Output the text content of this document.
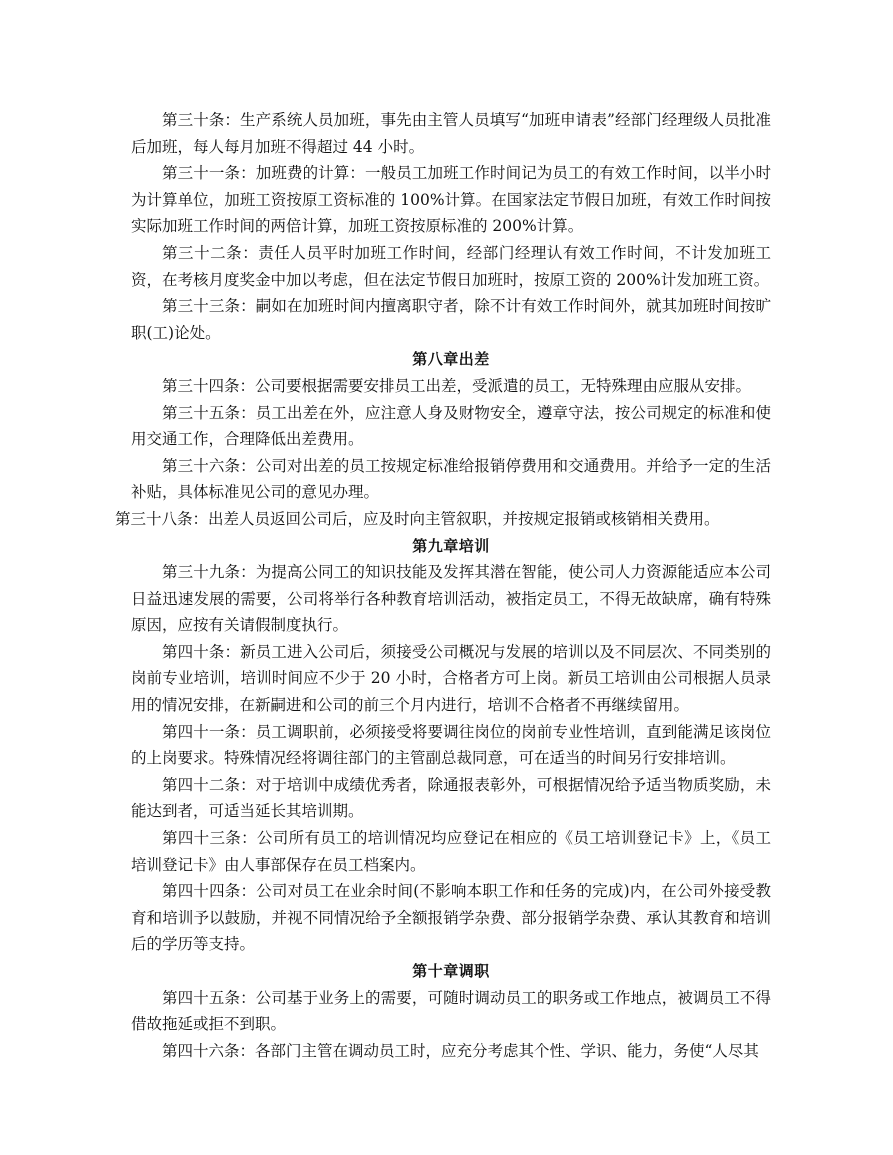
第三十条：生产系统人员加班，事先由主管人员填写“加班申请表”经部门经理级人员批准后加班，每人每月加班不得超过 44 小时。

第三十一条：加班费的计算：一般员工加班工作时间记为员工的有效工作时间，以半小时为计算单位，加班工资按原工资标准的 100%计算。在国家法定节假日加班，有效工作时间按实际加班工作时间的两倍计算，加班工资按原标准的 200%计算。

第三十二条：责任人员平时加班工作时间，经部门经理认有效工作时间，不计发加班工资，在考核月度奖金中加以考虑，但在法定节假日加班时，按原工资的 200%计发加班工资。

第三十三条：嗣如在加班时间内擅离职守者，除不计有效工作时间外，就其加班时间按旷职(工)论处。

第八章出差

第三十四条：公司要根据需要安排员工出差，受派遣的员工，无特殊理由应服从安排。

第三十五条：员工出差在外，应注意人身及财物安全，遵章守法，按公司规定的标准和使用交通工作，合理降低出差费用。

第三十六条：公司对出差的员工按规定标准给报销停费用和交通费用。并给予一定的生活补贴，具体标准见公司的意见办理。

第三十八条：出差人员返回公司后，应及时向主管叙职，并按规定报销或核销相关费用。

第九章培训

第三十九条：为提高公同工的知识技能及发挥其潜在智能，使公司人力资源能适应本公司日益迅速发展的需要，公司将举行各种教育培训活动，被指定员工，不得无故缺席，确有特殊原因，应按有关请假制度执行。

第四十条：新员工进入公司后，须接受公司概况与发展的培训以及不同层次、不同类别的岗前专业培训，培训时间应不少于 20 小时，合格者方可上岗。新员工培训由公司根据人员录用的情况安排，在新嗣进和公司的前三个月内进行，培训不合格者不再继续留用。

第四十一条：员工调职前，必须接受将要调往岗位的岗前专业性培训，直到能满足该岗位的上岗要求。特殊情况经将调往部门的主管副总裁同意，可在适当的时间另行安排培训。

第四十二条：对于培训中成绩优秀者，除通报表彰外，可根据情况给予适当物质奖励，未能达到者，可适当延长其培训期。

第四十三条：公司所有员工的培训情况均应登记在相应的《员工培训登记卡》上，《员工培训登记卡》由人事部保存在员工档案内。

第四十四条：公司对员工在业余时间(不影响本职工作和任务的完成)内，在公司外接受教育和培训予以鼓励，并视不同情况给予全额报销学杂费、部分报销学杂费、承认其教育和培训后的学历等支持。

第十章调职

第四十五条：公司基于业务上的需要，可随时调动员工的职务或工作地点，被调员工不得借故拖延或拒不到职。

第四十六条：各部门主管在调动员工时，应充分考虑其个性、学识、能力，务使“人尽其
